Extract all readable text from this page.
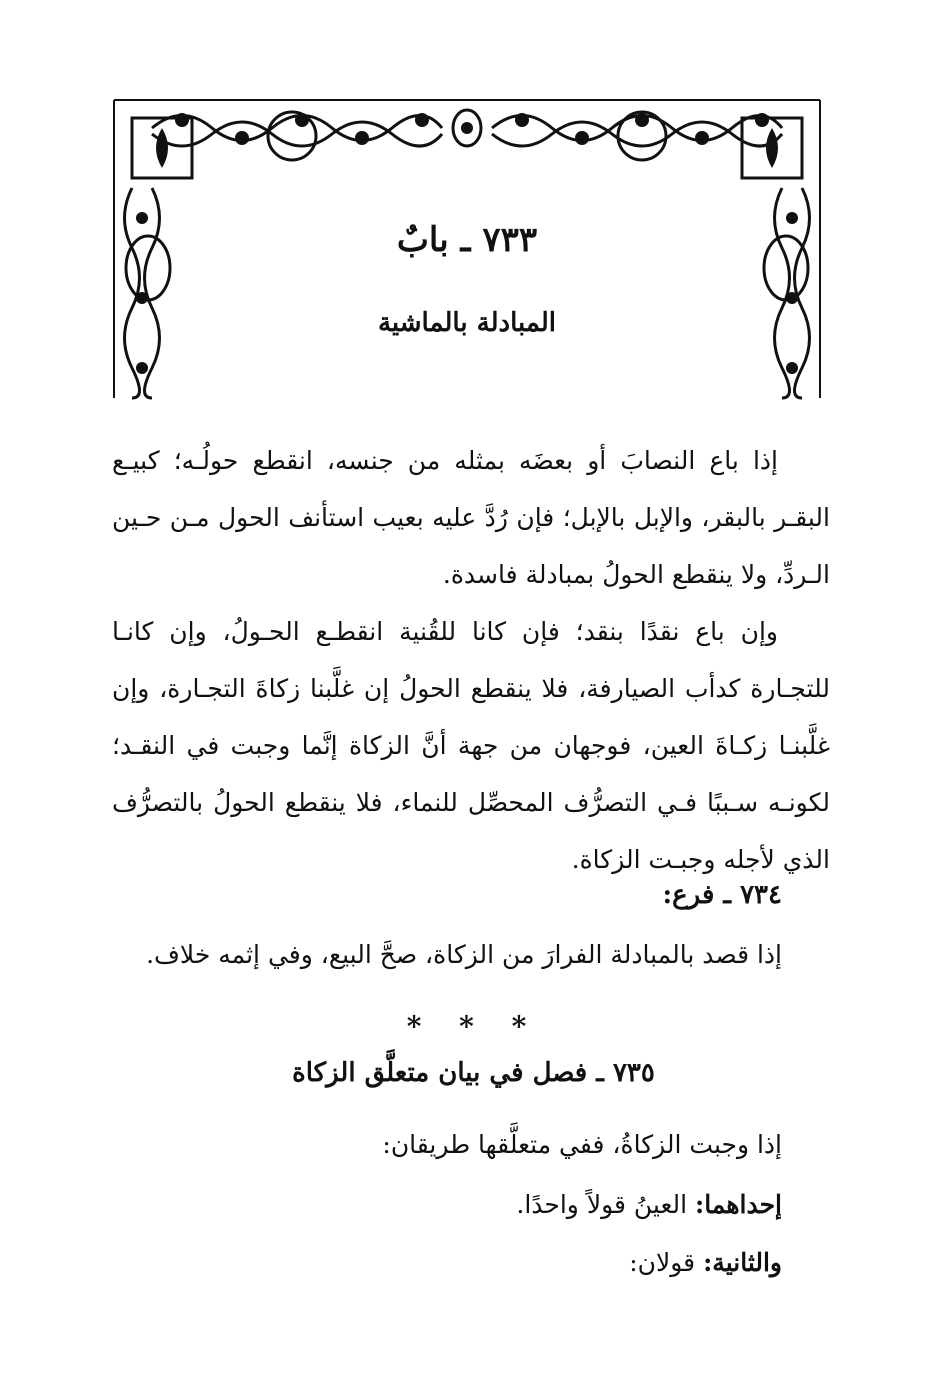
٧٣٣ ـ بابٌ
المبادلة بالماشية
إذا باع النصابَ أو بعضَه بمثله من جنسه، انقطع حولُـه؛ كبيـع البقـر بالبقر، والإبل بالإبل؛ فإن رُدَّ عليه بعيب استأنف الحول مـن حـين الـردِّ، ولا ينقطع الحولُ بمبادلة فاسدة.
وإن باع نقدًا بنقد؛ فإن كانا للقُنية انقطـع الحـولُ، وإن كانـا للتجـارة كدأب الصيارفة، فلا ينقطع الحولُ إن غلَّبنا زكاةَ التجـارة، وإن غلَّبنـا زكـاةَ العين، فوجهان من جهة أنَّ الزكاة إنَّما وجبت في النقـد؛ لكونـه سـببًا فـي التصرُّف المحصِّل للنماء، فلا ينقطع الحولُ بالتصرُّف الذي لأجله وجبـت الزكاة.
٧٣٤ ـ فرع:
إذا قصد بالمبادلة الفرارَ من الزكاة، صحَّ البيع، وفي إثمه خلاف.
* * *
٧٣٥ ـ فصل في بيان متعلَّق الزكاة
إذا وجبت الزكاةُ، ففي متعلَّقها طريقان:
إحداهما: العينُ قولاً واحدًا.
والثانية: قولان:
